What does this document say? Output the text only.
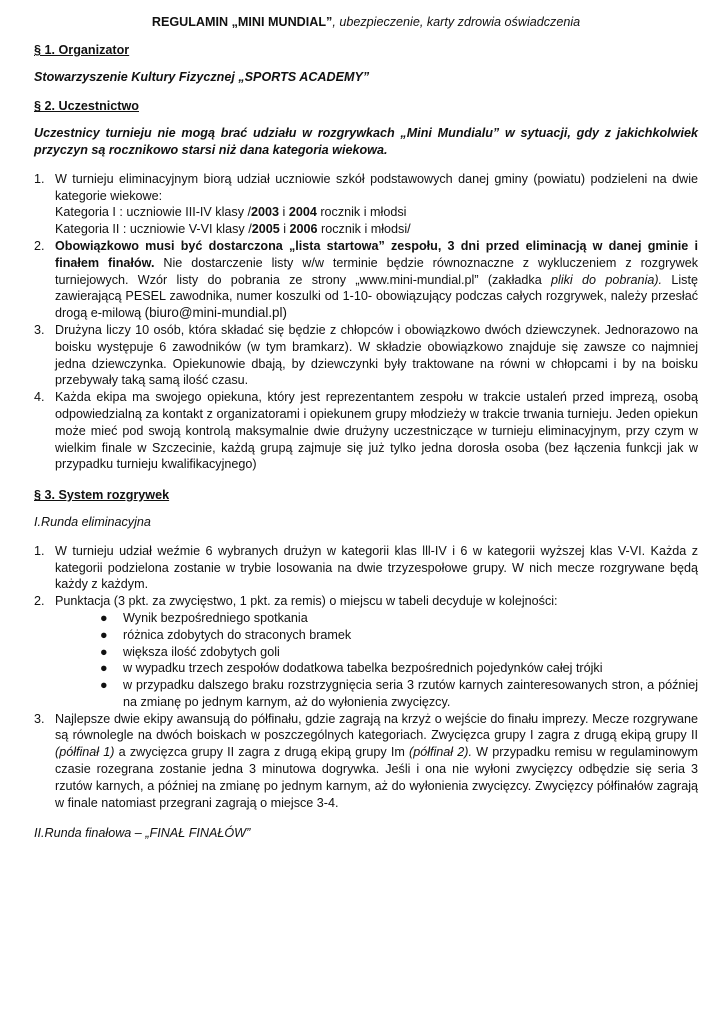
REGULAMIN „MINI MUNDIAL”, ubezpieczenie, karty zdrowia oświadczenia
§ 1. Organizator
Stowarzyszenie Kultury Fizycznej „SPORTS ACADEMY”
§ 2. Uczestnictwo
Uczestnicy turnieju nie mogą brać udziału w rozgrywkach „Mini Mundialu” w sytuacji, gdy z jakichkolwiek przyczyn są rocznikowo starsi niż dana kategoria wiekowa.
1. W turnieju eliminacyjnym biorą udział uczniowie szkół podstawowych danej gminy (powiatu) podzieleni na dwie kategorie wiekowe:
Kategoria I : uczniowie III-IV klasy /2003 i 2004 rocznik i młodsi
Kategoria II : uczniowie V-VI klasy /2005 i 2006 rocznik i młodsi/
2. Obowiązkowo musi być dostarczona „lista startowa” zespołu, 3 dni przed eliminacją w danej gminie i finałem finałów. Nie dostarczenie listy w/w terminie będzie równoznaczne z wykluczeniem z rozgrywek turniejowych. Wzór listy do pobrania ze strony „www.mini-mundial.pl” (zakładka pliki do pobrania). Listę zawierającą PESEL zawodnika, numer koszulki od 1-10- obowiązujący podczas całych rozgrywek, należy przesłać drogą e-milową (biuro@mini-mundial.pl)
3. Drużyna liczy 10 osób, która składać się będzie z chłopców i obowiązkowo dwóch dziewczynek. Jednorazowo na boisku występuje 6 zawodników (w tym bramkarz). W składzie obowiązkowo znajduje się zawsze co najmniej jedna dziewczynka. Opiekunowie dbają, by dziewczynki były traktowane na równi w chłopcami i by na boisku przebywały taką samą ilość czasu.
4. Każda ekipa ma swojego opiekuna, który jest reprezentantem zespołu w trakcie ustaleń przed imprezą, osobą odpowiedzialną za kontakt z organizatorami i opiekunem grupy młodzieży w trakcie trwania turnieju. Jeden opiekun może mieć pod swoją kontrolą maksymalnie dwie drużyny uczestniczące w turnieju eliminacyjnym, przy czym w wielkim finale w Szczecinie, każdą grupą zajmuje się już tylko jedna dorosła osoba (bez łączenia funkcji jak w przypadku turnieju kwalifikacyjnego)
§ 3. System rozgrywek
I.Runda eliminacyjna
1. W turnieju udział weźmie 6 wybranych drużyn w kategorii klas lll-IV i 6 w kategorii wyższej klas V-VI. Każda z kategorii podzielona zostanie w trybie losowania na dwie trzyzespołowe grupy. W nich mecze rozgrywane będą każdy z każdym.
2. Punktacja (3 pkt. za zwycięstwo, 1 pkt. za remis) o miejscu w tabeli decyduje w kolejności:
● Wynik bezpośredniego spotkania
● różnica zdobytych do straconych bramek
● większa ilość zdobytych goli
● w wypadku trzech zespołów dodatkowa tabelka bezpośrednich pojedynków całej trójki
● w przypadku dalszego braku rozstrzygnięcia seria 3 rzutów karnych zainteresowanych stron, a później na zmianę po jednym karnym, aż do wyłonienia zwycięzcy.
3. Najlepsze dwie ekipy awansują do półfinału, gdzie zagrają na krzyż o wejście do finału imprezy. Mecze rozgrywane są równolegle na dwóch boiskach w poszczególnych kategoriach. Zwycięzca grupy I zagra z drugą ekipą grupy II (półfinał 1) a zwycięzca grupy II zagra z drugą ekipą grupy Im (półfinał 2). W przypadku remisu w regulaminowym czasie rozegrana zostanie jedna 3 minutowa dogrywka. Jeśli i ona nie wyłoni zwycięzcy odbędzie się seria 3 rzutów karnych, a później na zmianę po jednym karnym, aż do wyłonienia zwycięzcy. Zwycięzcy półfinałów zagrają w finale natomiast przegrani zagrają o miejsce 3-4.
II.Runda finałowa – „FINAŁ FINAŁÓW”
